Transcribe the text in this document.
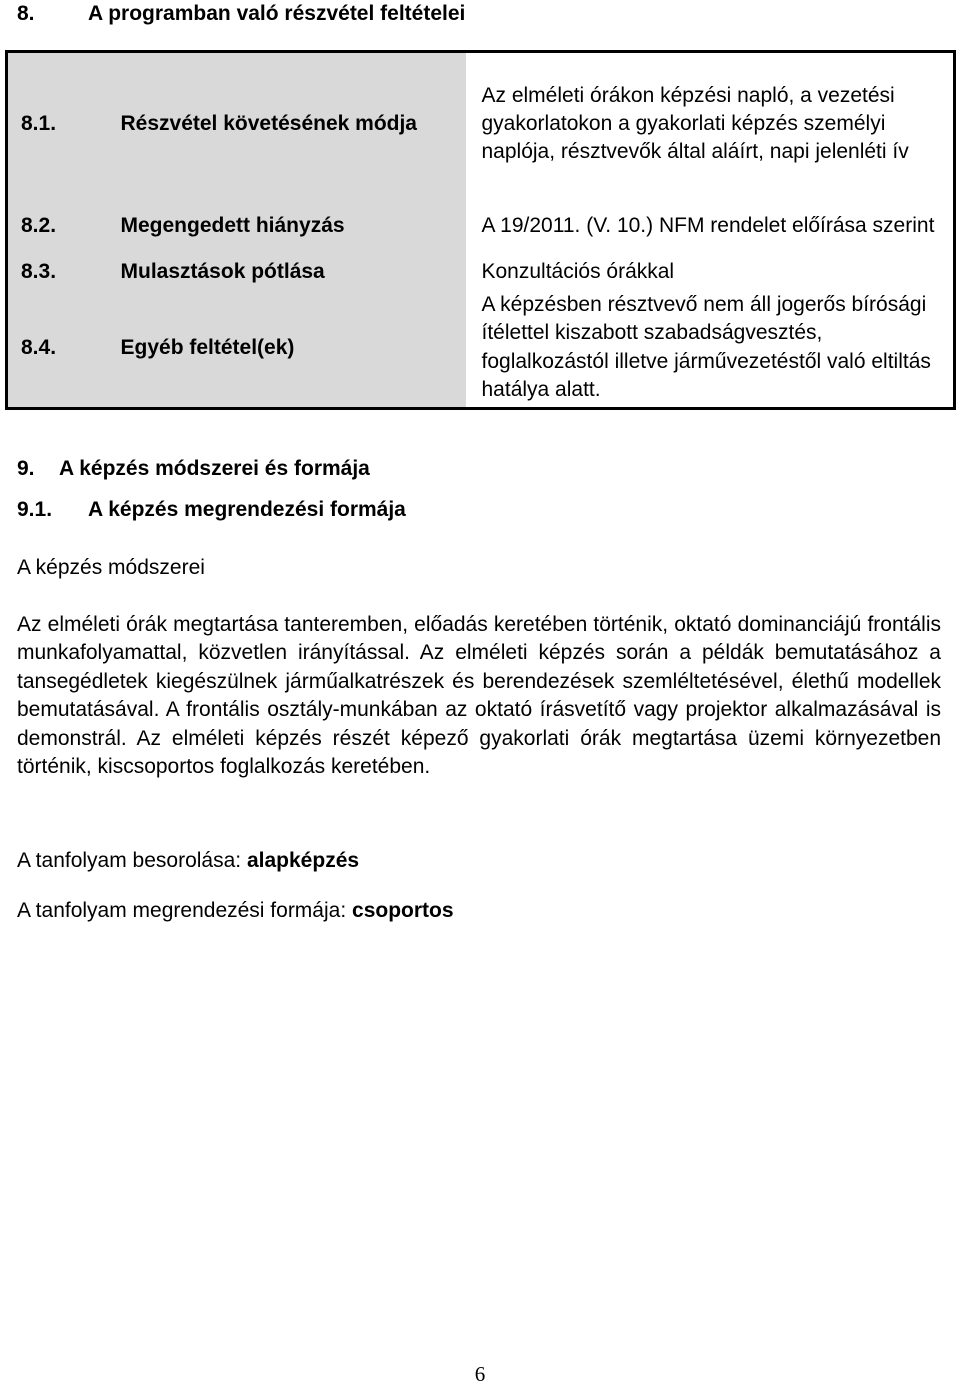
8.	A programban való részvétel feltételei
8.1.	Részvétel követésének módja	Az elméleti órákon képzési napló, a vezetési gyakorlatokon a gyakorlati képzés személyi naplója, résztvevők által aláírt, napi jelenléti ív
8.2.	Megengedett hiányzás	A 19/2011. (V. 10.) NFM rendelet előírása szerint
8.3.	Mulasztások pótlása	Konzultációs órákkal
8.4.	Egyéb feltétel(ek)	A képzésben résztvevő nem áll jogerős bírósági ítélettel kiszabott szabadságvesztés, foglalkozástól illetve járművezetéstől való eltiltás hatálya alatt.
9. A képzés módszerei és formája
9.1. A képzés megrendezési formája
A képzés módszerei
Az elméleti órák megtartása tanteremben, előadás keretében történik, oktató dominanciájú frontális munkafolyamattal, közvetlen irányítással. Az elméleti képzés során a példák bemutatásához a tansegédletek kiegészülnek járműalkatrészek és berendezések szemléltetésével, élethű modellek bemutatásával. A frontális osztály-munkában az oktató írásvetítő vagy projektor alkalmazásával is demonstrál. Az elméleti képzés részét képező gyakorlati órák megtartása üzemi környezetben történik, kiscsoportos foglalkozás keretében.
A tanfolyam besorolása: alapképzés
A tanfolyam megrendezési formája: csoportos
6
